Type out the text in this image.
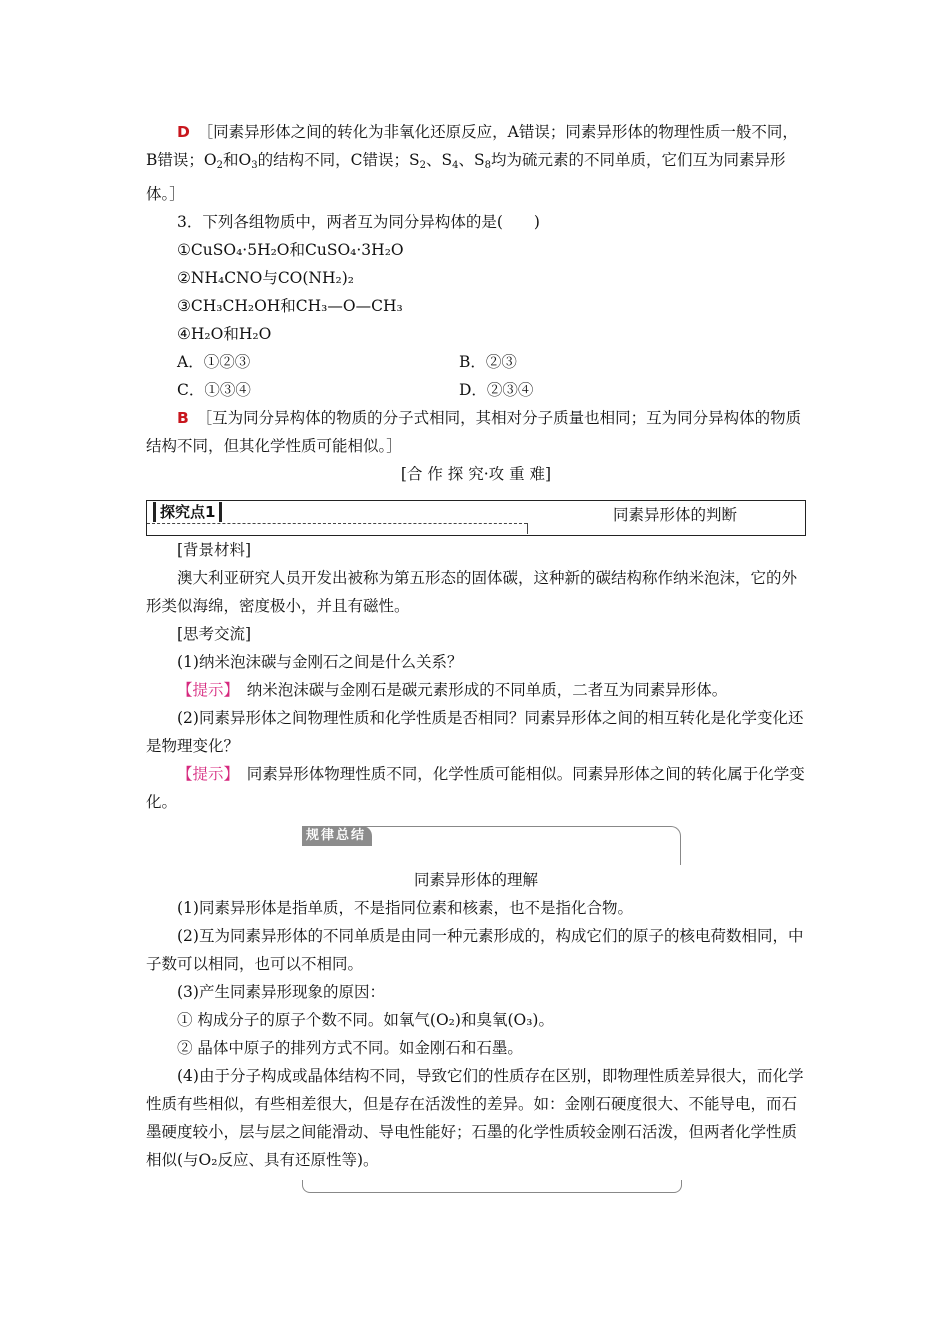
D　 ［同素异形体之间的转化为非氧化还原反应，A错误；同素异形体的物理性质一般不同，B错误；$O_2$和$O_3$的结构不同，C错误；$S_2$、$S_4$、$S_8$均为硫元素的不同单质，它们互为同素异形体。］

3．下列各组物质中，两者互为同分异构体的是(　　)

①CuSO₄·5H₂O和CuSO₄·3H₂O

②NH₄CNO与CO(NH₂)₂

③CH₃CH₂OH和CH₃—O—CH₃

④H₂O和H₂O

A．①②③	B．②③
C．①③④	D．②③④

B　 ［互为同分异构体的物质的分子式相同，其相对分子质量也相同；互为同分异构体的物质结构不同，但其化学性质可能相似。］

[合 作 探 究·攻 重 难]

探究点1	同素异形体的判断

[背景材料]

澳大利亚研究人员开发出被称为第五形态的固体碳，这种新的碳结构称作纳米泡沫，它的外形类似海绵，密度极小，并且有磁性。

[思考交流]

(1)纳米泡沫碳与金刚石之间是什么关系？

【提示】　 纳米泡沫碳与金刚石是碳元素形成的不同单质，二者互为同素异形体。

(2)同素异形体之间物理性质和化学性质是否相同？同素异形体之间的相互转化是化学变化还是物理变化？

【提示】　 同素异形体物理性质不同，化学性质可能相似。同素异形体之间的转化属于化学变化。

规律总结

同素异形体的理解

(1)同素异形体是指单质，不是指同位素和核素，也不是指化合物。

(2)互为同素异形体的不同单质是由同一种元素形成的，构成它们的原子的核电荷数相同，中子数可以相同，也可以不相同。

(3)产生同素异形现象的原因：

① 构成分子的原子个数不同。如氧气(O₂)和臭氧(O₃)。

② 晶体中原子的排列方式不同。如金刚石和石墨。

(4)由于分子构成或晶体结构不同，导致它们的性质存在区别，即物理性质差异很大，而化学性质有些相似，有些相差很大，但是存在活泼性的差异。如：金刚石硬度很大、不能导电，而石墨硬度较小，层与层之间能滑动、导电性能好；石墨的化学性质较金刚石活泼，但两者化学性质相似(与O₂反应、具有还原性等)。
